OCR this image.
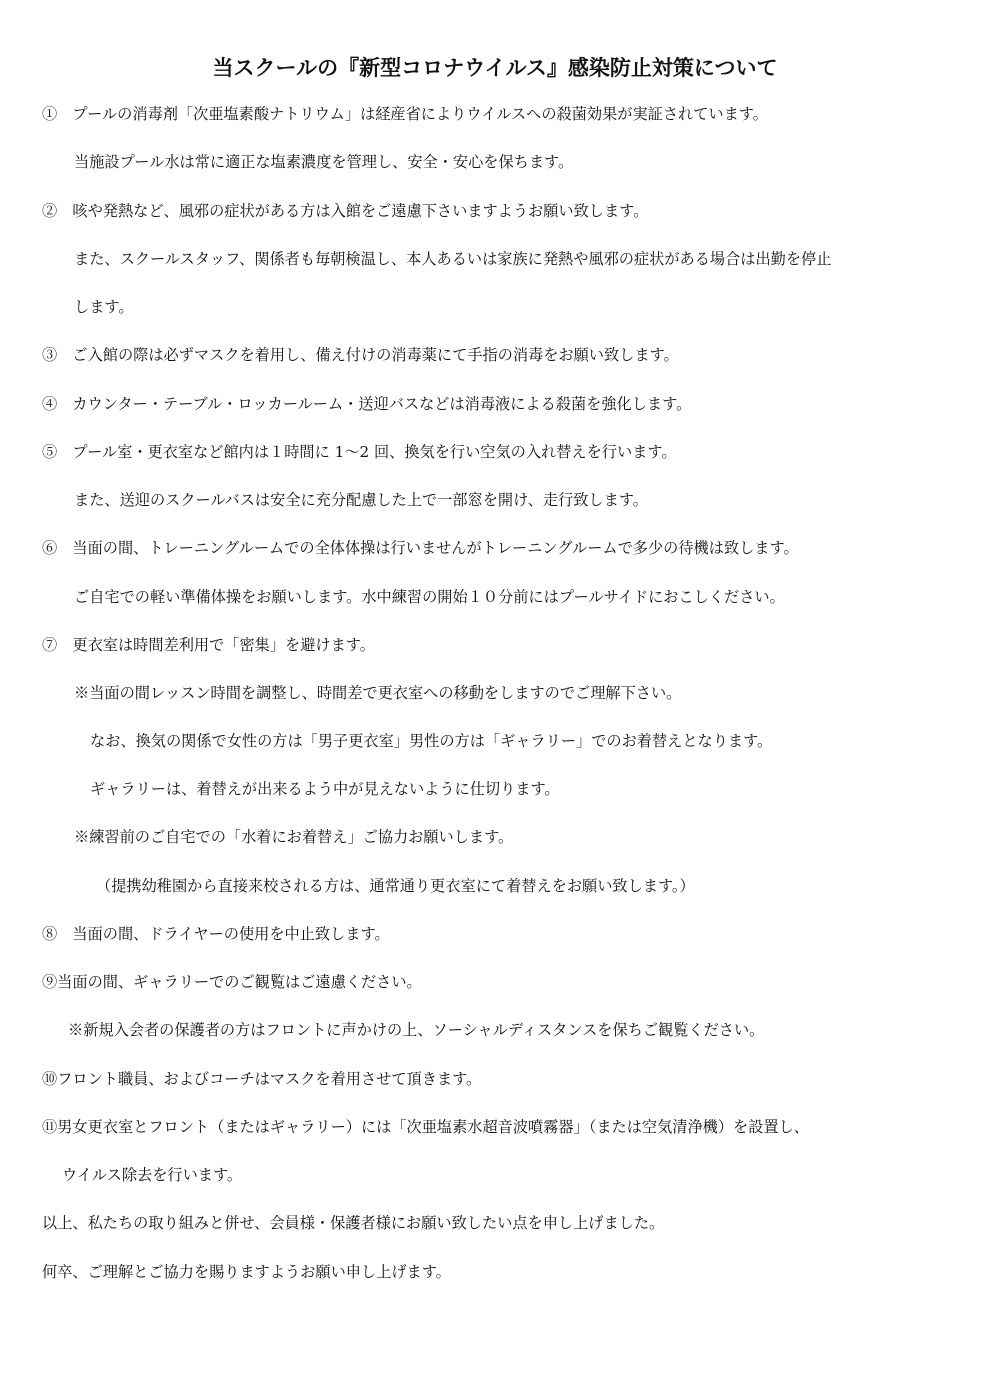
当スクールの『新型コロナウイルス』感染防止対策について
①　プールの消毒剤「次亜塩素酸ナトリウム」は経産省によりウイルスへの殺菌効果が実証されています。
当施設プール水は常に適正な塩素濃度を管理し、安全・安心を保ちます。
②　咳や発熱など、風邪の症状がある方は入館をご遠慮下さいますようお願い致します。
また、スクールスタッフ、関係者も毎朝検温し、本人あるいは家族に発熱や風邪の症状がある場合は出勤を停止
します。
③　ご入館の際は必ずマスクを着用し、備え付けの消毒薬にて手指の消毒をお願い致します。
④　カウンター・テーブル・ロッカールーム・送迎バスなどは消毒液による殺菌を強化します。
⑤　プール室・更衣室など館内は１時間に 1〜2 回、換気を行い空気の入れ替えを行います。
また、送迎のスクールバスは安全に充分配慮した上で一部窓を開け、走行致します。
⑥　当面の間、トレーニングルームでの全体体操は行いませんがトレーニングルームで多少の待機は致します。
ご自宅での軽い準備体操をお願いします。水中練習の開始１０分前にはプールサイドにおこしください。
⑦　更衣室は時間差利用で「密集」を避けます。
※当面の間レッスン時間を調整し、時間差で更衣室への移動をしますのでご理解下さい。
なお、換気の関係で女性の方は「男子更衣室」男性の方は「ギャラリー」でのお着替えとなります。
ギャラリーは、着替えが出来るよう中が見えないように仕切ります。
※練習前のご自宅での「水着にお着替え」ご協力お願いします。
（提携幼稚園から直接来校される方は、通常通り更衣室にて着替えをお願い致します。）
⑧　当面の間、ドライヤーの使用を中止致します。
⑨当面の間、ギャラリーでのご観覧はご遠慮ください。
※新規入会者の保護者の方はフロントに声かけの上、ソーシャルディスタンスを保ちご観覧ください。
⑩フロント職員、およびコーチはマスクを着用させて頂きます。
⑪男女更衣室とフロント（またはギャラリー）には「次亜塩素水超音波噴霧器」（または空気清浄機）を設置し、
ウイルス除去を行います。
以上、私たちの取り組みと併せ、会員様・保護者様にお願い致したい点を申し上げました。
何卒、ご理解とご協力を賜りますようお願い申し上げます。
